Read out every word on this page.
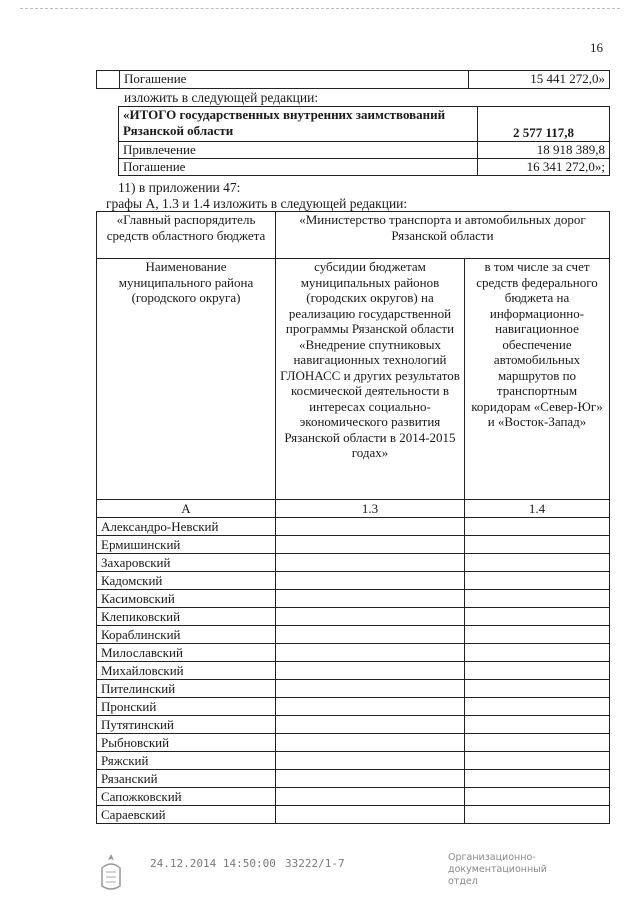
16
	Погашение	15 441 272,0»
изложить в следующей редакции:
«ИТОГО государственных внутренних заимствований Рязанской области	2 577 117,8
Привлечение	18 918 389,8
Погашение	16 341 272,0»;
11) в приложении 47:
графы А, 1.3 и 1.4 изложить в следующей редакции:
«Главный распорядитель средств областного бюджета	«Министерство транспорта и автомобильных дорог Рязанской области	
Наименование муниципального района (городского округа)	субсидии бюджетам муниципальных районов (городских округов) на реализацию государственной программы Рязанской области «Внедрение спутниковых навигационных технологий ГЛОНАСС и других результатов космической деятельности в интересах социально-экономического развития Рязанской области в 2014-2015 годах»	в том числе за счет средств федерального бюджета на информационно-навигационное обеспечение автомобильных маршрутов по транспортным коридорам «Север-Юг» и «Восток-Запад»
А	1.3	1.4
Александро-Невский		
Ермишинский		
Захаровский		
Кадомский		
Касимовский		
Клепиковский		
Кораблинский		
Милославский		
Михайловский		
Пителинский		
Пронский		
Путятинский		
Рыбновский		
Ряжский		
Рязанский		
Сапожковский		
Сараевский		
24.12.2014 14:50:00 33222/1-7	Организационно-документационный отдел
